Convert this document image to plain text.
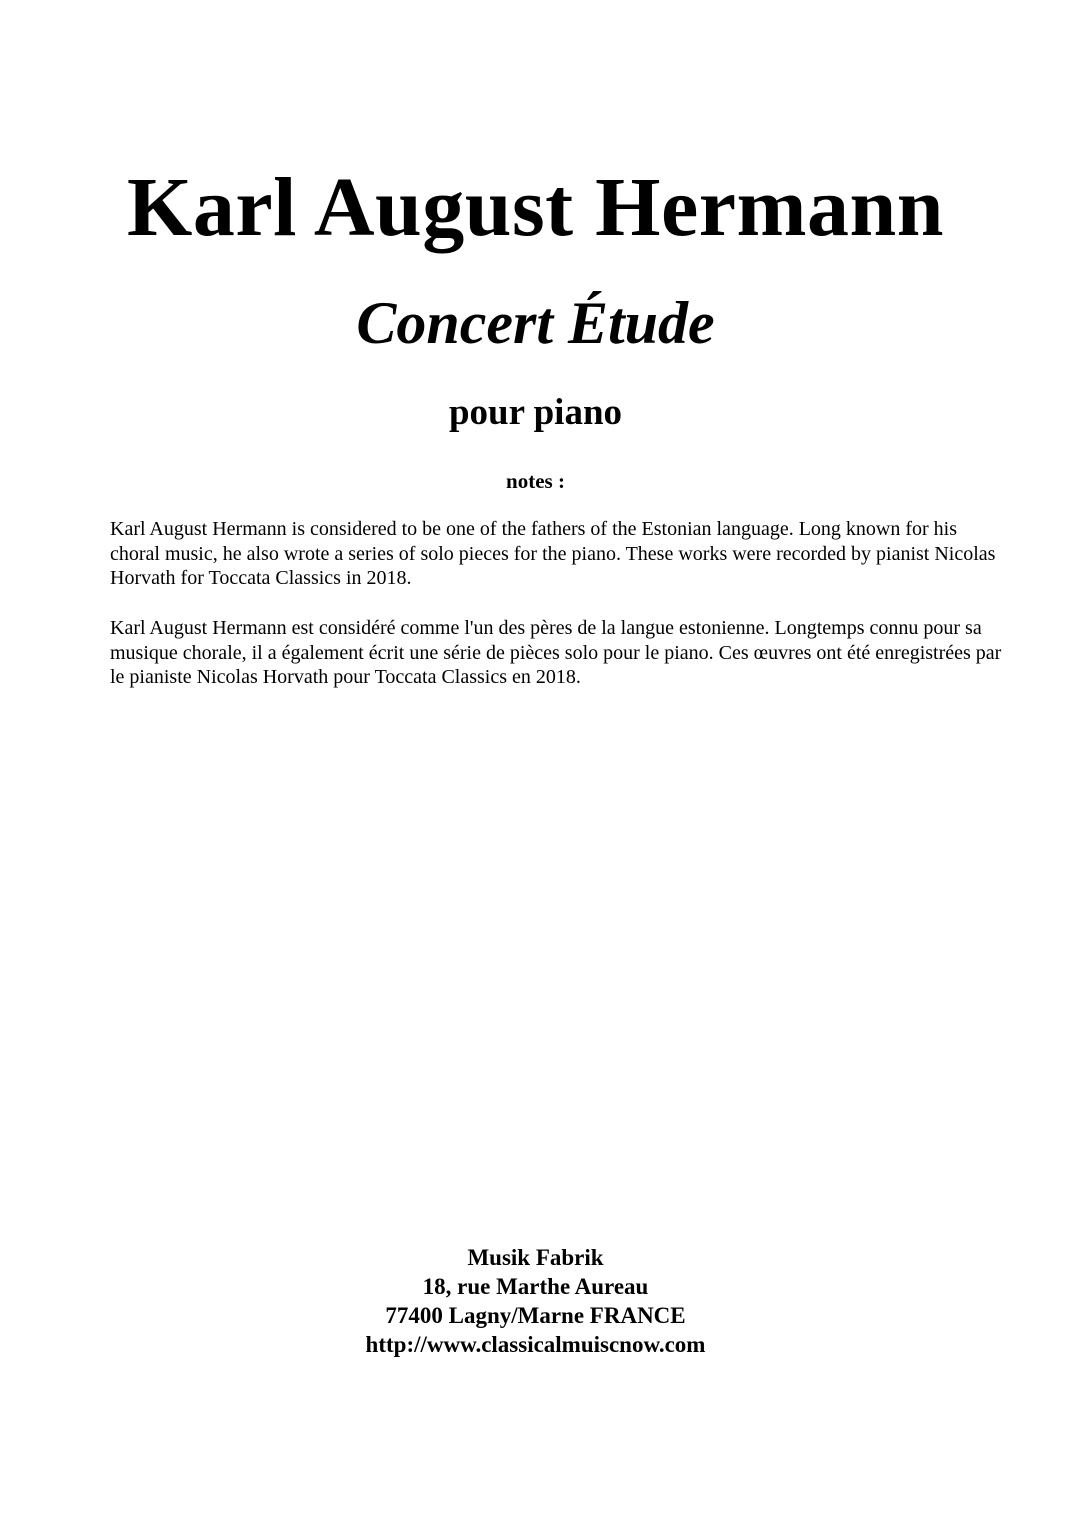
Karl August Hermann
Concert Étude
pour piano
notes :

Karl August Hermann is considered to be one of the fathers of the Estonian language. Long known for his choral music, he also wrote a series of solo pieces for the piano. These works were recorded by pianist Nicolas Horvath for Toccata Classics in 2018.

Karl August Hermann est considéré comme l'un des pères de la langue estonienne. Longtemps connu pour sa musique chorale, il a également écrit une série de pièces solo pour le piano. Ces œuvres ont été enregistrées par le pianiste Nicolas Horvath pour Toccata Classics en 2018.

Musik Fabrik
18, rue Marthe Aureau
77400 Lagny/Marne FRANCE
http://www.classicalmuiscnow.com
